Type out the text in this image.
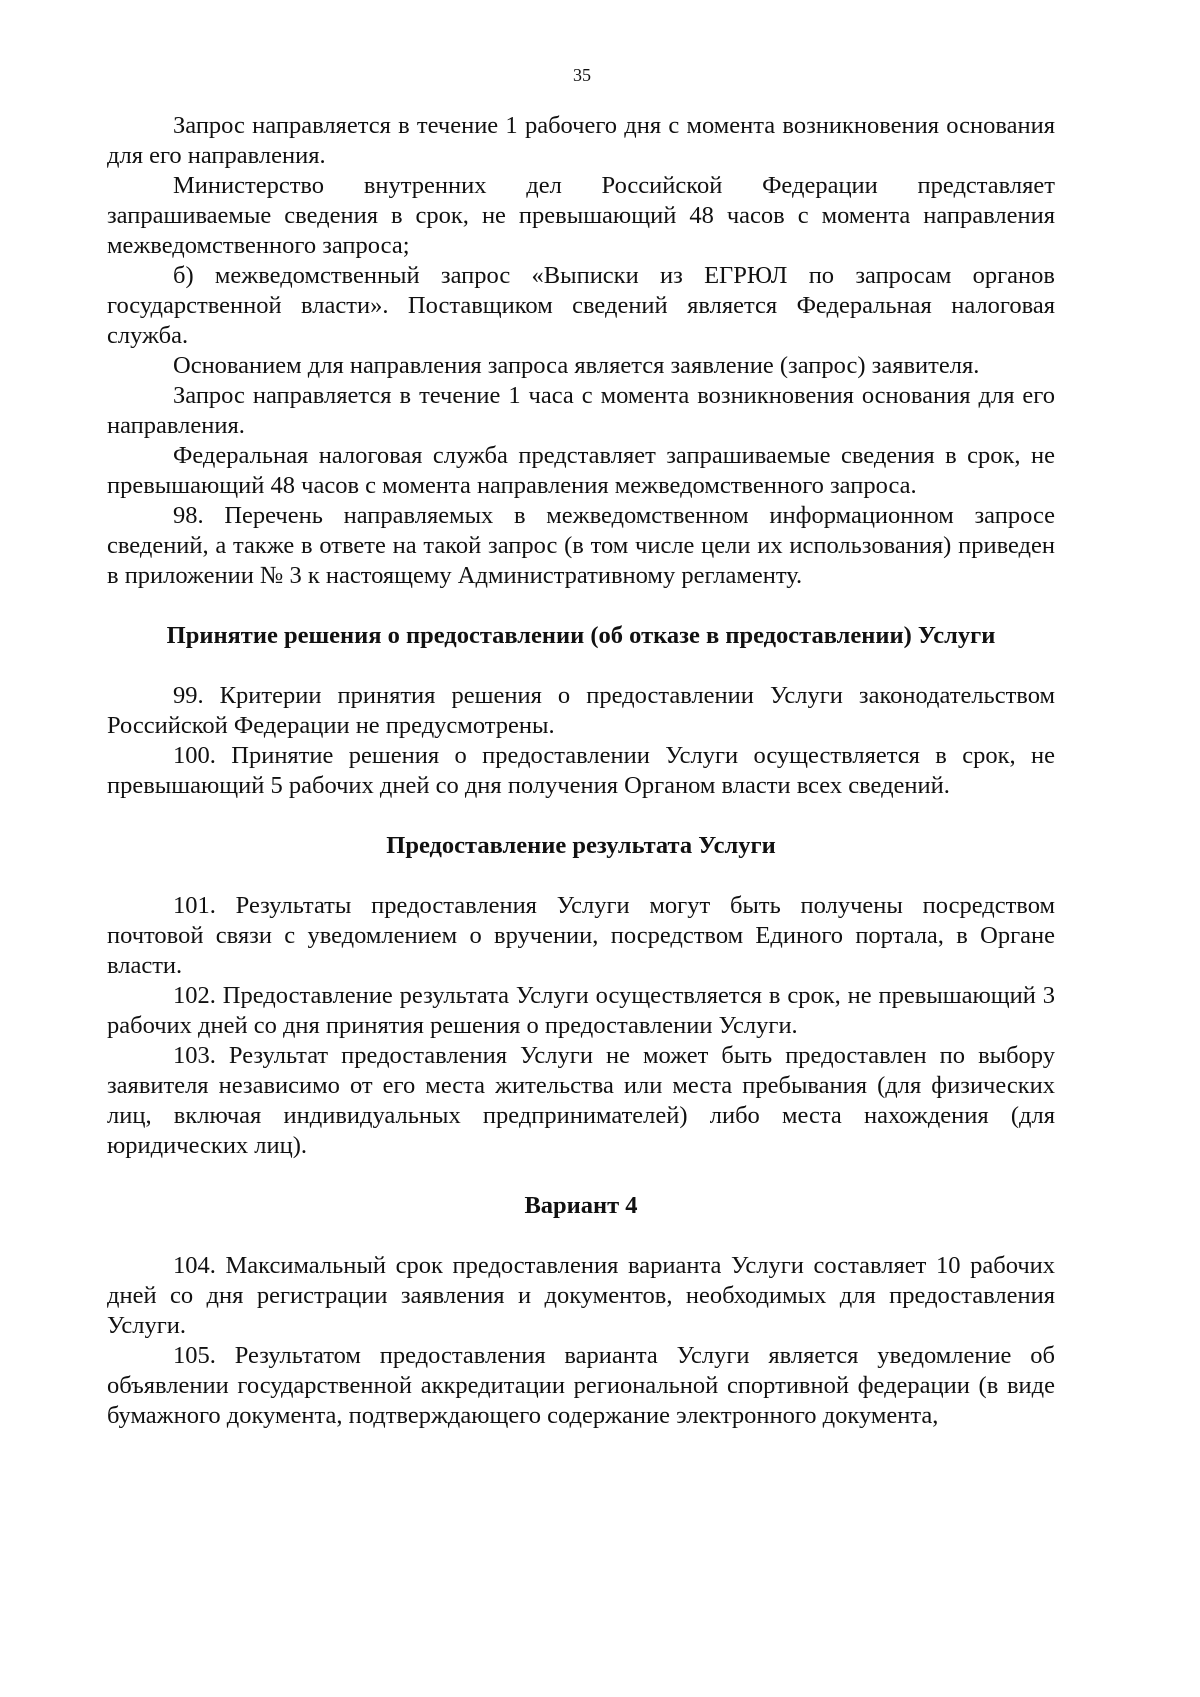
35

Запрос направляется в течение 1 рабочего дня с момента возникновения основания для его направления.

Министерство внутренних дел Российской Федерации представляет запрашиваемые сведения в срок, не превышающий 48 часов с момента направления межведомственного запроса;

б) межведомственный запрос «Выписки из ЕГРЮЛ по запросам органов государственной власти». Поставщиком сведений является Федеральная налоговая служба.

Основанием для направления запроса является заявление (запрос) заявителя.

Запрос направляется в течение 1 часа с момента возникновения основания для его направления.

Федеральная налоговая служба представляет запрашиваемые сведения в срок, не превышающий 48 часов с момента направления межведомственного запроса.

98. Перечень направляемых в межведомственном информационном запросе сведений, а также в ответе на такой запрос (в том числе цели их использования) приведен в приложении № 3 к настоящему Административному регламенту.

Принятие решения о предоставлении (об отказе в предоставлении) Услуги

99. Критерии принятия решения о предоставлении Услуги законодательством Российской Федерации не предусмотрены.

100. Принятие решения о предоставлении Услуги осуществляется в срок, не превышающий 5 рабочих дней со дня получения Органом власти всех сведений.

Предоставление результата Услуги

101. Результаты предоставления Услуги могут быть получены посредством почтовой связи с уведомлением о вручении, посредством Единого портала, в Органе власти.

102. Предоставление результата Услуги осуществляется в срок, не превышающий 3 рабочих дней со дня принятия решения о предоставлении Услуги.

103. Результат предоставления Услуги не может быть предоставлен по выбору заявителя независимо от его места жительства или места пребывания (для физических лиц, включая индивидуальных предпринимателей) либо места нахождения (для юридических лиц).

Вариант 4

104. Максимальный срок предоставления варианта Услуги составляет 10 рабочих дней со дня регистрации заявления и документов, необходимых для предоставления Услуги.

105. Результатом предоставления варианта Услуги является уведомление об объявлении государственной аккредитации региональной спортивной федерации (в виде бумажного документа, подтверждающего содержание электронного документа,
